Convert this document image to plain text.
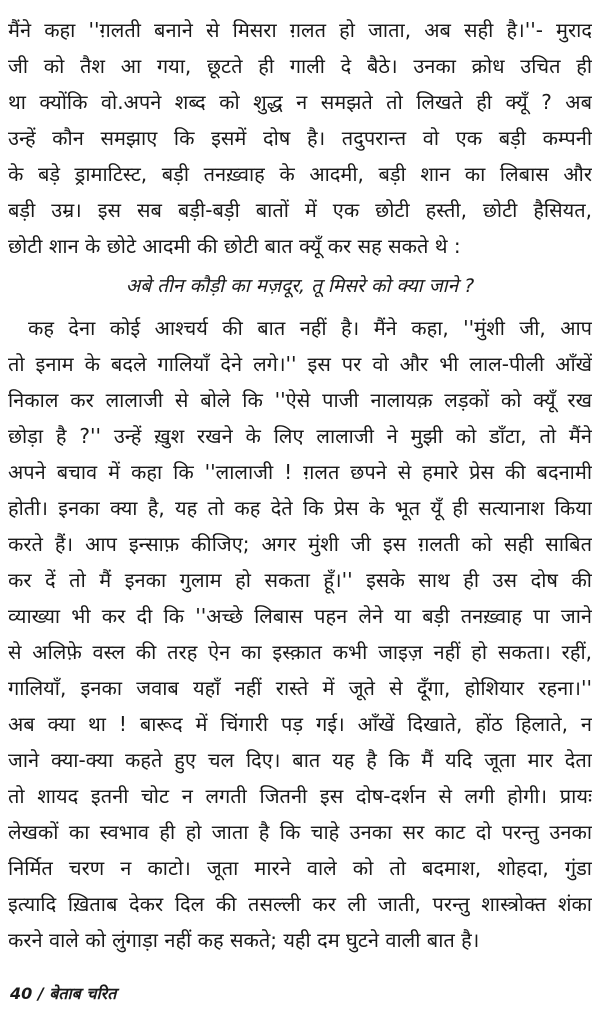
मैंने कहा ''ग़लती बनाने से मिसरा ग़लत हो जाता, अब सही है।''- मुराद
जी को तैश आ गया, छूटते ही गाली दे बैठे। उनका क्रोध उचित ही
था क्योंकि वो.अपने शब्द को शुद्ध न समझते तो लिखते ही क्यूँ ? अब
उन्हें कौन समझाए कि इसमें दोष है। तदुपरान्त वो एक बड़ी कम्पनी
के बड़े ड्रामाटिस्ट, बड़ी तनख़्वाह के आदमी, बड़ी शान का लिबास और
बड़ी उम्र। इस सब बड़ी-बड़ी बातों में एक छोटी हस्ती, छोटी हैसियत,
छोटी शान के छोटे आदमी की छोटी बात क्यूँ कर सह सकते थे :
अबे तीन कौड़ी का मज़दूर, तू मिसरे को क्या जाने ?
कह देना कोई आश्चर्य की बात नहीं है। मैंने कहा, ''मुंशी जी, आप
तो इनाम के बदले गालियाँ देने लगे।'' इस पर वो और भी लाल-पीली आँखें
निकाल कर लालाजी से बोले कि ''ऐसे पाजी नालायक़ लड़कों को क्यूँ रख
छोड़ा है ?'' उन्हें ख़ुश रखने के लिए लालाजी ने मुझी को डाँटा, तो मैंने
अपने बचाव में कहा कि ''लालाजी ! ग़लत छपने से हमारे प्रेस की बदनामी
होती। इनका क्या है, यह तो कह देते कि प्रेस के भूत यूँ ही सत्यानाश किया
करते हैं। आप इन्साफ़ कीजिए; अगर मुंशी जी इस ग़लती को सही साबित
कर दें तो मैं इनका गुलाम हो सकता हूँ।'' इसके साथ ही उस दोष की
व्याख्या भी कर दी कि ''अच्छे लिबास पहन लेने या बड़ी तनख़्वाह पा जाने
से अलिफ़े वस्ल की तरह ऐन का इस्क़ात कभी जाइज़ नहीं हो सकता। रहीं,
गालियाँ, इनका जवाब यहाँ नहीं रास्ते में जूते से दूँगा, होशियार रहना।''
अब क्या था ! बारूद में चिंगारी पड़ गई। आँखें दिखाते, होंठ हिलाते, न
जाने क्या-क्या कहते हुए चल दिए। बात यह है कि मैं यदि जूता मार देता
तो शायद इतनी चोट न लगती जितनी इस दोष-दर्शन से लगी होगी। प्रायः
लेखकों का स्वभाव ही हो जाता है कि चाहे उनका सर काट दो परन्तु उनका
निर्मित चरण न काटो। जूता मारने वाले को तो बदमाश, शोहदा, गुंडा
इत्यादि ख़िताब देकर दिल की तसल्ली कर ली जाती, परन्तु शास्त्रोक्त शंका
करने वाले को लुंगाड़ा नहीं कह सकते; यही दम घुटने वाली बात है।
40 / बेताब चरित
